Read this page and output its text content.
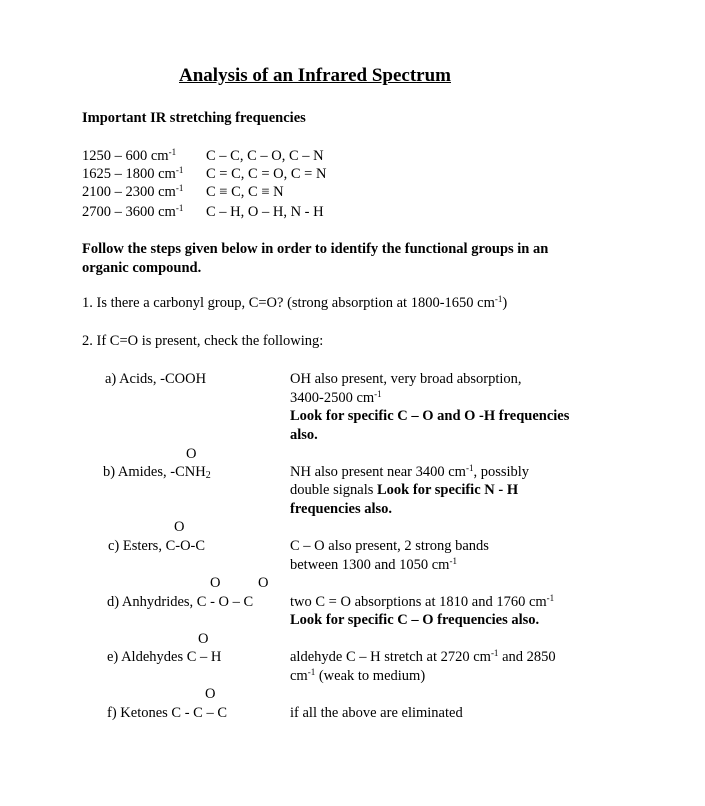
Analysis of an Infrared Spectrum
Important IR stretching frequencies
1250 – 600 $cm^{-1}$ C – C, C – O, C – N
1625 – 1800 $cm^{-1}$ C = C, C = O, C = N
2100 – 2300 $cm^{-1}$ C ≡ C, C ≡ N
2700 – 3600 $cm^{-1}$ C – H, O – H, N - H
Follow the steps given below in order to identify the functional groups in an
organic compound.
1. Is there a carbonyl group, C=O? (strong absorption at 1800-1650 $cm^{-1}$)
2. If C=O is present, check the following:
a) Acids, -COOH	OH also present, very broad absorption,
3400-2500 $cm^{-1}$
Look for specific C – O and O -H frequencies
also.
O
b) Amides, $-CNH_2$	NH also present near 3400 $cm^{-1}$, possibly
double signals Look for specific N - H
frequencies also.
O
c) Esters, C-O-C	C – O also present, 2 strong bands
between 1300 and 1050 $cm^{-1}$
O	O
d) Anhydrides, C - O – C	two C = O absorptions at 1810 and 1760 $cm^{-1}$
Look for specific C – O frequencies also.
O
e) Aldehydes C – H	aldehyde C – H stretch at 2720 $cm^{-1}$ and 2850
$cm^{-1}$ (weak to medium)
O
f) Ketones C - C – C	if all the above are eliminated
